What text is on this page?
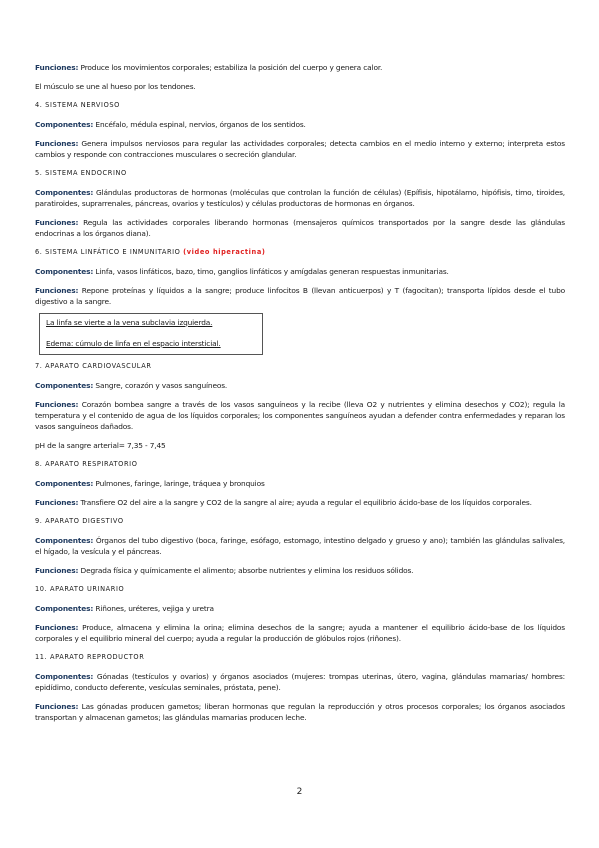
Funciones: Produce los movimientos corporales; estabiliza la posición del cuerpo y genera calor.

El músculo se une al hueso por los tendones.

4. SISTEMA NERVIOSO

Componentes: Encéfalo, médula espinal, nervios, órganos de los sentidos.

Funciones: Genera impulsos nerviosos para regular las actividades corporales; detecta cambios en el medio interno y externo; interpreta estos cambios y responde con contracciones musculares o secreción glandular.

5. SISTEMA ENDOCRINO

Componentes: Glándulas productoras de hormonas (moléculas que controlan la función de células) (Epífisis, hipotálamo, hipófisis, timo, tiroides, paratiroides, suprarrenales, páncreas, ovarios y testículos) y células productoras de hormonas en órganos.

Funciones: Regula las actividades corporales liberando hormonas (mensajeros químicos transportados por la sangre desde las glándulas endocrinas a los órganos diana).

6. SISTEMA LINFÁTICO E INMUNITARIO (video hiperactina)

Componentes: Linfa, vasos linfáticos, bazo, timo, ganglios linfáticos y amígdalas generan respuestas inmunitarias.

Funciones: Repone proteínas y líquidos a la sangre; produce linfocitos B (llevan anticuerpos) y T (fagocitan); transporta lípidos desde el tubo digestivo a la sangre.

La linfa se vierte a la vena subclavia izquierda.

Edema: cúmulo de linfa en el espacio intersticial.

7. APARATO CARDIOVASCULAR

Componentes: Sangre, corazón y vasos sanguíneos.

Funciones: Corazón bombea sangre a través de los vasos sanguíneos y la recibe (lleva O2 y nutrientes y elimina desechos y CO2); regula la temperatura y el contenido de agua de los líquidos corporales; los componentes sanguíneos ayudan a defender contra enfermedades y reparan los vasos sanguíneos dañados.

pH de la sangre arterial= 7,35 - 7,45

8. APARATO RESPIRATORIO

Componentes: Pulmones, faringe, laringe, tráquea y bronquios

Funciones: Transfiere O2 del aire a la sangre y CO2 de la sangre al aire; ayuda a regular el equilibrio ácido-base de los líquidos corporales.

9. APARATO DIGESTIVO

Componentes: Órganos del tubo digestivo (boca, faringe, esófago, estomago, intestino delgado y grueso y ano); también las glándulas salivales, el hígado, la vesícula y el páncreas.

Funciones: Degrada física y químicamente el alimento; absorbe nutrientes y elimina los residuos sólidos.

10. APARATO URINARIO

Componentes: Riñones, uréteres, vejiga y uretra

Funciones: Produce, almacena y elimina la orina; elimina desechos de la sangre; ayuda a mantener el equilibrio ácido-base de los líquidos corporales y el equilibrio mineral del cuerpo; ayuda a regular la producción de glóbulos rojos (riñones).

11. APARATO REPRODUCTOR

Componentes: Gónadas (testículos y ovarios) y órganos asociados (mujeres: trompas uterinas, útero, vagina, glándulas mamarias/ hombres: epidídimo, conducto deferente, vesículas seminales, próstata, pene).

Funciones: Las gónadas producen gametos; liberan hormonas que regulan la reproducción y otros procesos corporales; los órganos asociados transportan y almacenan gametos; las glándulas mamarias producen leche.

2
